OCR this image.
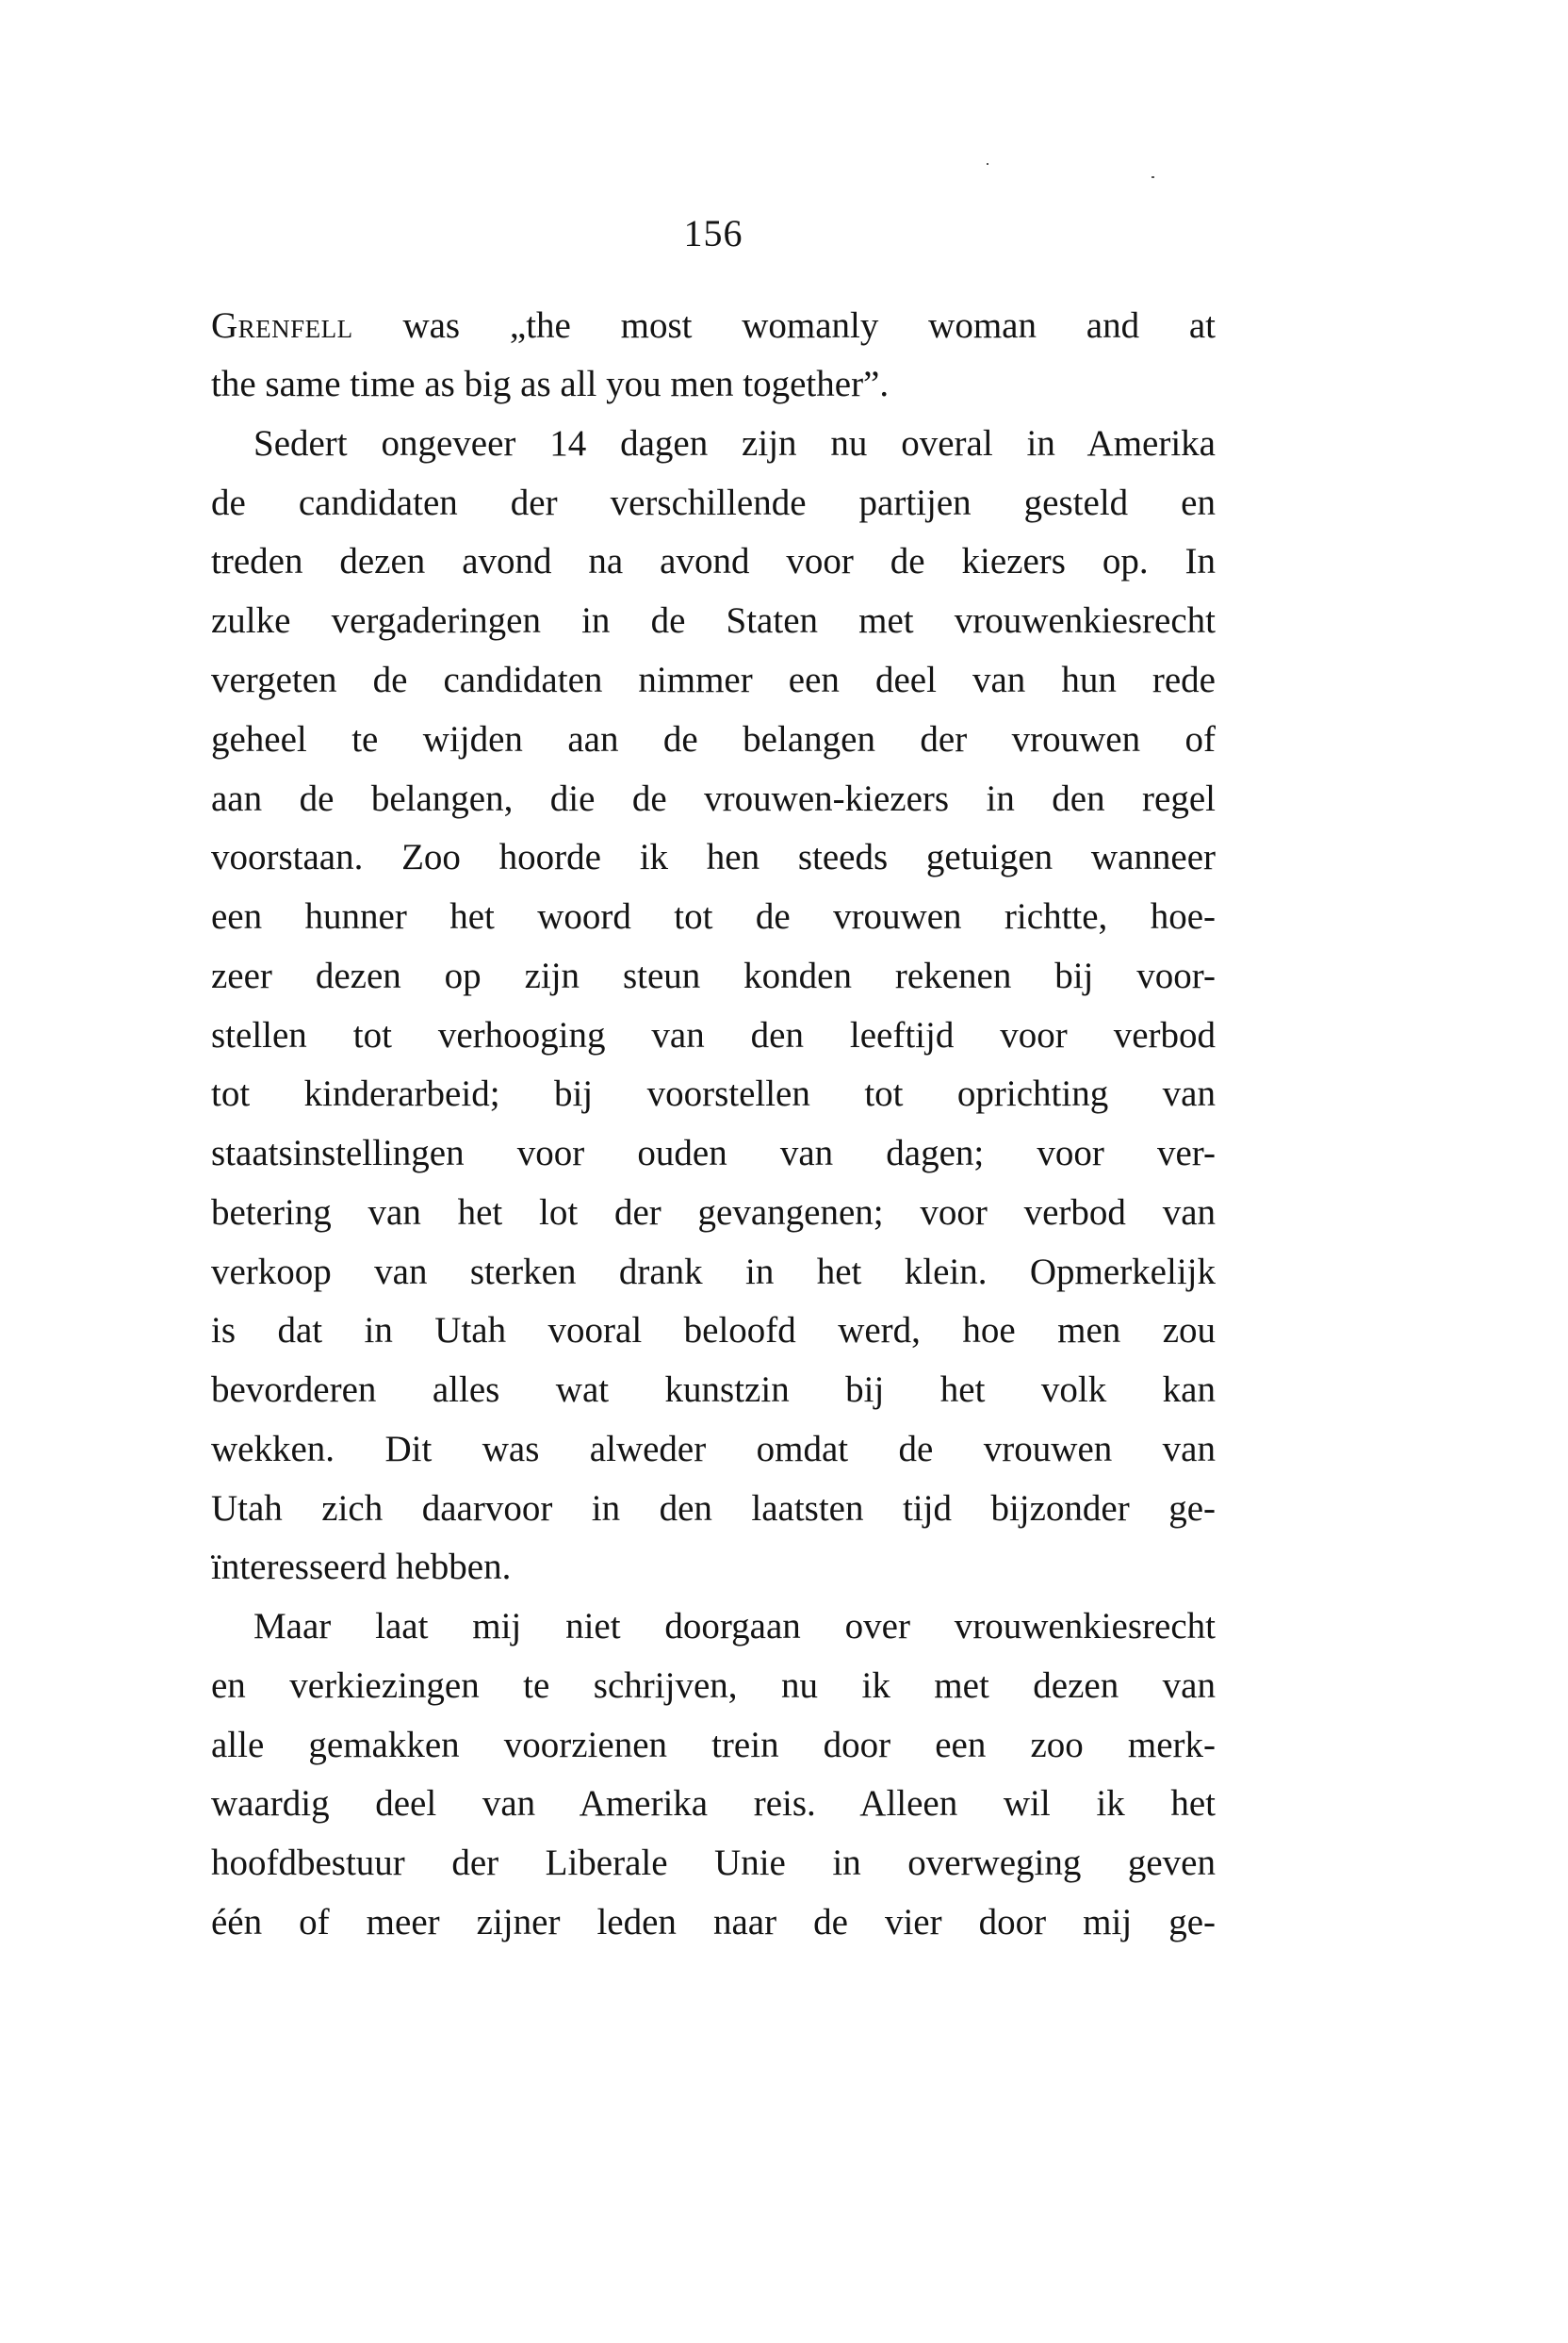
156
Grenfell was „the most womanly woman and at
the same time as big as all you men together”.
Sedert ongeveer 14 dagen zijn nu overal in Amerika
de candidaten der verschillende partijen gesteld en
treden dezen avond na avond voor de kiezers op. In
zulke vergaderingen in de Staten met vrouwenkiesrecht
vergeten de candidaten nimmer een deel van hun rede
geheel te wijden aan de belangen der vrouwen of
aan de belangen, die de vrouwen-kiezers in den regel
voorstaan. Zoo hoorde ik hen steeds getuigen wanneer
een hunner het woord tot de vrouwen richtte, hoe-
zeer dezen op zijn steun konden rekenen bij voor-
stellen tot verhooging van den leeftijd voor verbod
tot kinderarbeid; bij voorstellen tot oprichting van
staatsinstellingen voor ouden van dagen; voor ver-
betering van het lot der gevangenen; voor verbod van
verkoop van sterken drank in het klein. Opmerkelijk
is dat in Utah vooral beloofd werd, hoe men zou
bevorderen alles wat kunstzin bij het volk kan
wekken. Dit was alweder omdat de vrouwen van
Utah zich daarvoor in den laatsten tijd bijzonder ge-
ïnteresseerd hebben.
Maar laat mij niet doorgaan over vrouwenkiesrecht
en verkiezingen te schrijven, nu ik met dezen van
alle gemakken voorzienen trein door een zoo merk-
waardig deel van Amerika reis. Alleen wil ik het
hoofdbestuur der Liberale Unie in overweging geven
één of meer zijner leden naar de vier door mij ge-
